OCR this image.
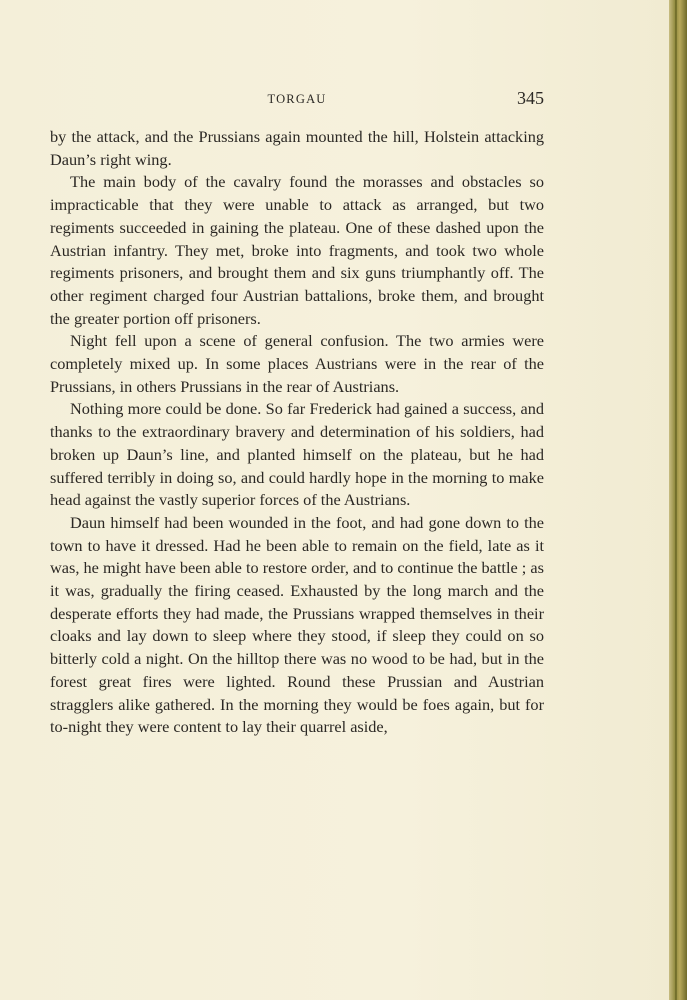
TORGAU	345

by the attack, and the Prussians again mounted the hill, Holstein attacking Daun’s right wing.

The main body of the cavalry found the morasses and obstacles so impracticable that they were unable to attack as arranged, but two regiments succeeded in gaining the plateau. One of these dashed upon the Austrian infantry. They met, broke into fragments, and took two whole regiments prisoners, and brought them and six guns triumphantly off. The other regiment charged four Austrian battalions, broke them, and brought the greater portion off prisoners.

Night fell upon a scene of general confusion. The two armies were completely mixed up. In some places Austrians were in the rear of the Prussians, in others Prussians in the rear of Austrians.

Nothing more could be done. So far Frederick had gained a success, and thanks to the extraordinary bravery and determination of his soldiers, had broken up Daun’s line, and planted himself on the plateau, but he had suffered terribly in doing so, and could hardly hope in the morning to make head against the vastly superior forces of the Austrians.

Daun himself had been wounded in the foot, and had gone down to the town to have it dressed. Had he been able to remain on the field, late as it was, he might have been able to restore order, and to continue the battle ; as it was, gradually the firing ceased. Exhausted by the long march and the desperate efforts they had made, the Prussians wrapped themselves in their cloaks and lay down to sleep where they stood, if sleep they could on so bitterly cold a night. On the hilltop there was no wood to be had, but in the forest great fires were lighted. Round these Prussian and Austrian stragglers alike gathered. In the morning they would be foes again, but for to-night they were content to lay their quarrel aside,
